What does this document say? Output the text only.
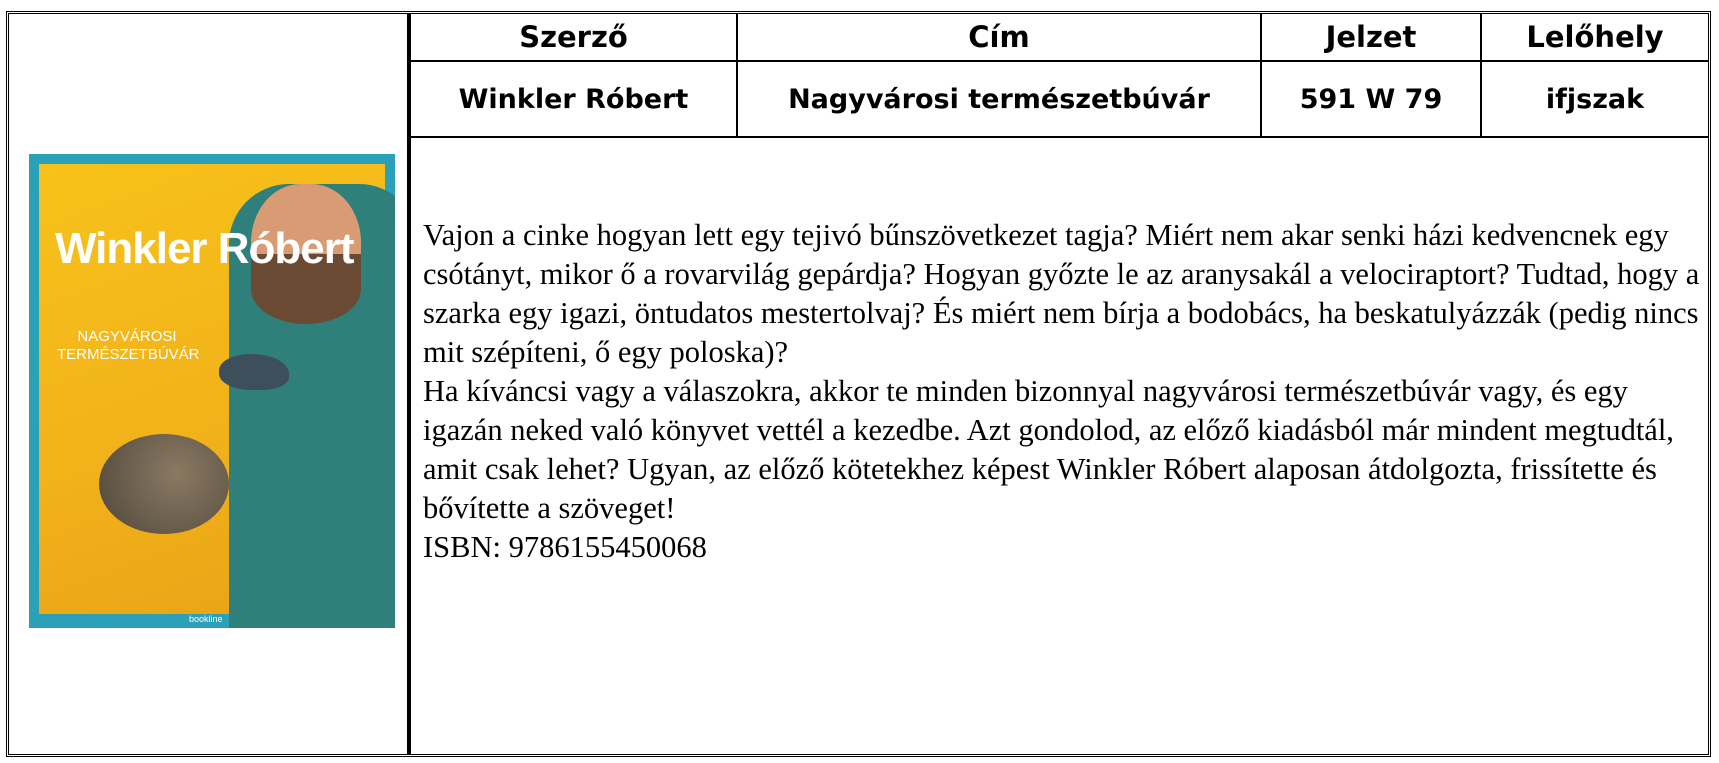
Winkler Róbert
NAGYVÁROSI TERMÉSZETBÚVÁR
bookline
Szerző	Cím	Jelzet	Lelőhely
Winkler Róbert	Nagyvárosi természetbúvár	591 W 79	ifjszak

Vajon a cinke hogyan lett egy tejivó bűnszövetkezet tagja? Miért nem akar senki házi kedvencnek egy csótányt, mikor ő a rovarvilág gepárdja? Hogyan győzte le az aranysakál a velociraptort? Tudtad, hogy a szarka egy igazi, öntudatos mestertolvaj? És miért nem bírja a bodobács, ha beskatulyázzák (pedig nincs mit szépíteni, ő egy poloska)?

Ha kíváncsi vagy a válaszokra, akkor te minden bizonnyal nagyvárosi természetbúvár vagy, és egy igazán neked való könyvet vettél a kezedbe. Azt gondolod, az előző kiadásból már mindent megtudtál, amit csak lehet? Ugyan, az előző kötetekhez képest Winkler Róbert alaposan átdolgozta, frissítette és bővítette a szöveget!

ISBN: 9786155450068
